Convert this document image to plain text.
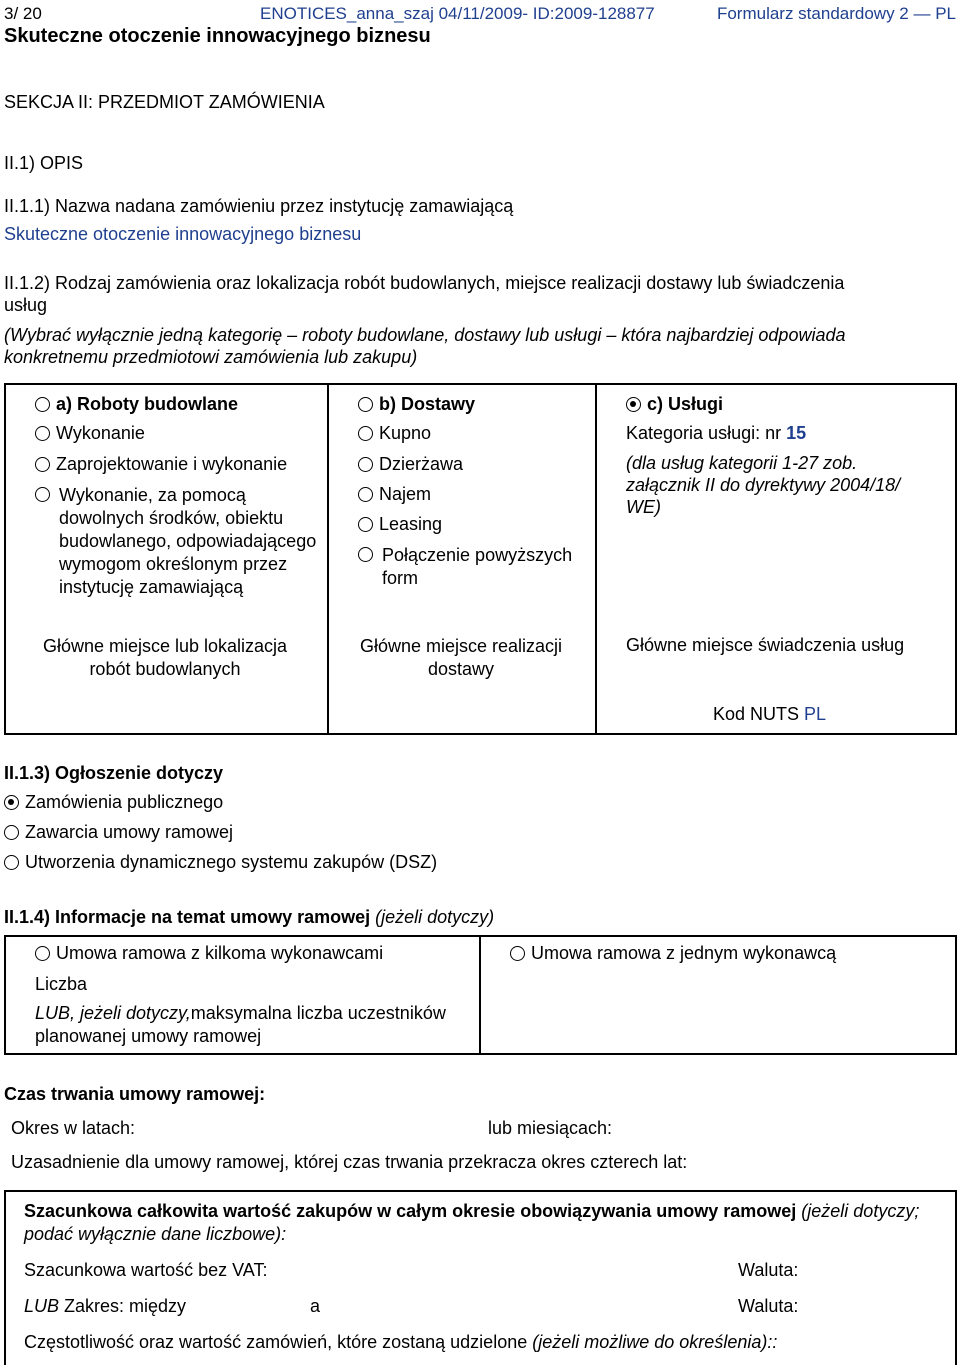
3/ 20	ENOTICES_anna_szaj 04/11/2009- ID:2009-128877	Formularz standardowy 2 — PL
Skuteczne otoczenie innowacyjnego biznesu
SEKCJA II: PRZEDMIOT ZAMÓWIENIA
II.1) OPIS
II.1.1) Nazwa nadana zamówieniu przez instytucję zamawiającą
Skuteczne otoczenie innowacyjnego biznesu
II.1.2) Rodzaj zamówienia oraz lokalizacja robót budowlanych, miejsce realizacji dostawy lub świadczenia usług
(Wybrać wyłącznie jedną kategorię – roboty budowlane, dostawy lub usługi – która najbardziej odpowiada konkretnemu przedmiotowi zamówienia lub zakupu)
a) Roboty budowlane
Wykonanie
Zaprojektowanie i wykonanie
Wykonanie, za pomocą dowolnych środków, obiektu budowlanego, odpowiadającego wymogom określonym przez instytucję zamawiającą
Główne miejsce lub lokalizacja robót budowlanych
b) Dostawy
Kupno
Dzierżawa
Najem
Leasing
Połączenie powyższych form
Główne miejsce realizacji dostawy
c) Usługi
Kategoria usługi: nr 15
(dla usług kategorii 1-27 zob. załącznik II do dyrektywy 2004/18/ WE)
Główne miejsce świadczenia usług
Kod NUTS PL
II.1.3) Ogłoszenie dotyczy
Zamówienia publicznego
Zawarcia umowy ramowej
Utworzenia dynamicznego systemu zakupów (DSZ)
II.1.4) Informacje na temat umowy ramowej (jeżeli dotyczy)
Umowa ramowa z kilkoma wykonawcami
Liczba
LUB, jeżeli dotyczy,maksymalna liczba uczestników planowanej umowy ramowej
Umowa ramowa z jednym wykonawcą
Czas trwania umowy ramowej:
Okres w latach:	lub miesiącach:
Uzasadnienie dla umowy ramowej, której czas trwania przekracza okres czterech lat:
Szacunkowa całkowita wartość zakupów w całym okresie obowiązywania umowy ramowej (jeżeli dotyczy; podać wyłącznie dane liczbowe):
Szacunkowa wartość bez VAT:	Waluta:
LUB Zakres: między	a	Waluta:
Częstotliwość oraz wartość zamówień, które zostaną udzielone (jeżeli możliwe do określenia)::
